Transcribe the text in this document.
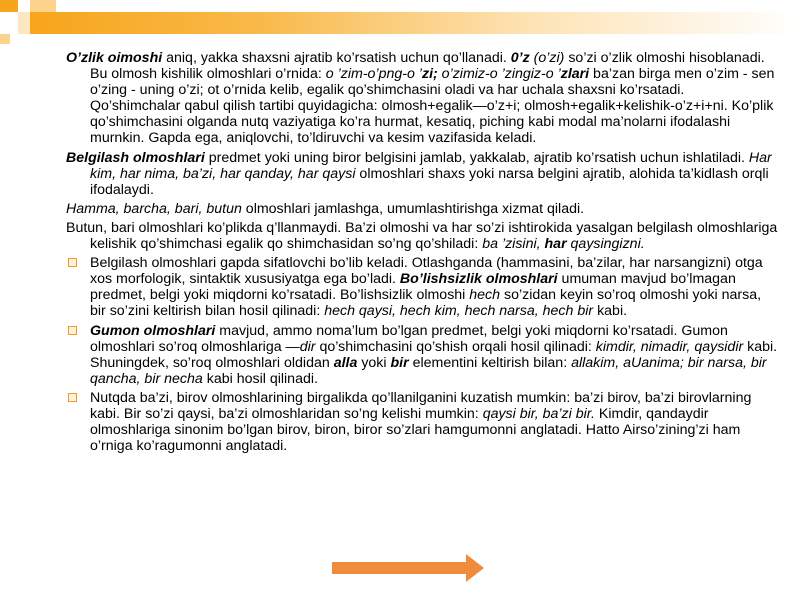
O’zlik oimoshi aniq, yakka shaxsni ajratib ko’rsatish uchun qo’llanadi. 0’z (o’zi) so’zi o’zlik olmoshi hisoblanadi. Bu olmosh kishilik olmoshlari o’rnida: o ’zim-o’png-o ’zi; o’zimiz-o ’zingiz-o ’zlari ba’zan birga men o’zim - sen o’zing - uning o’zi; ot o’rnida kelib, egalik qo’shimchasini oladi va har uchala shaxsni ko’rsatadi. Qo’shimchalar qabul qilish tartibi quyidagicha: olmosh+egalik—o’z+i; olmosh+egalik+kelishik-o’z+i+ni. Ko’plik qo’shimchasini olganda nutq vaziyatiga ko’ra hurmat, kesatiq, piching kabi modal ma’nolarni ifodalashi murnkin. Gapda ega, aniqlovchi, to’ldiruvchi va kesim vazifasida keladi.

Belgilash olmoshlari predmet yoki uning biror belgisini jamlab, yakkalab, ajratib ko’rsatish uchun ishlatiladi. Har kim, har nima, ba’zi, har qanday, har qaysi olmoshlari shaxs yoki narsa belgini ajratib, alohida ta’kidlash orqli ifodalaydi.

Hamma, barcha, bari, butun olmoshlari jamlashga, umumlashtirishga xizmat qiladi.

Butun, bari olmoshlari ko’plikda q’llanmaydi. Ba’zi olmoshi va har so’zi ishtirokida yasalgan belgilash olmoshlariga kelishik qo’shimchasi egalik qo shimchasidan so’ng qo’shiladi: ba ’zisini, har qaysingizni.

Belgilash olmoshlari gapda sifatlovchi bo’lib keladi. Otlashganda (hammasini, ba’zilar, har narsangizni) otga xos morfologik, sintaktik xususiyatga ega bo’ladi. Bo’lishsizlik olmoshlari umuman mavjud bo’lmagan predmet, belgi yoki miqdorni ko’rsatadi. Bo’lishsizlik olmoshi hech so’zidan keyin so’roq olmoshi yoki narsa, bir so’zini keltirish bilan hosil qilinadi: hech qaysi, hech kim, hech narsa, hech bir kabi.
Gumon olmoshlari mavjud, ammo noma’lum bo’lgan predmet, belgi yoki miqdorni ko’rsatadi. Gumon olmoshlari so’roq olmoshlariga —dir qo’shimchasini qo’shish orqali hosil qilinadi: kimdir, nimadir, qaysidir kabi. Shuningdek, so’roq olmoshlari oldidan alla yoki bir elementini keltirish bilan: allakim, aUanima; bir narsa, bir qancha, bir necha kabi hosil qilinadi.
Nutqda ba’zi, birov olmoshlarining birgalikda qo’llanilganini kuzatish mumkin: ba’zi birov, ba’zi birovlarning kabi. Bir so’zi qaysi, ba’zi olmoshlaridan so’ng kelishi mumkin: qaysi bir, ba’zi bir. Kimdir, qandaydir olmoshlariga sinonim bo’lgan birov, biron, biror so’zlari hamgumonni anglatadi. Hatto Airso’zining’zi ham o’rniga ko’ragumonni anglatadi.
